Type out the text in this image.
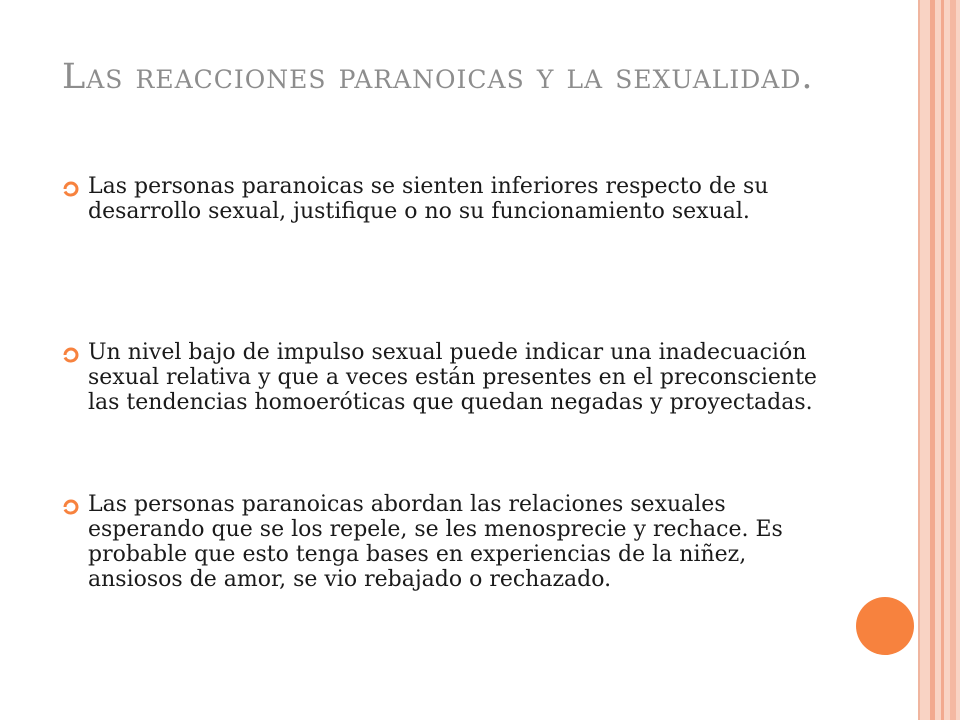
Las reacciones paranoicas y la sexualidad.
Las personas paranoicas se sienten inferiores respecto de su desarrollo sexual, justifique o no su funcionamiento sexual.
Un nivel bajo de impulso sexual puede indicar una inadecuación sexual relativa y que a veces están presentes en el preconsciente las tendencias homoeróticas que quedan negadas y proyectadas.
Las personas paranoicas abordan las relaciones sexuales esperando que se los repele, se les menosprecie y rechace. Es probable que esto tenga bases en experiencias de la niñez, ansiosos de amor, se vio rebajado o rechazado.
